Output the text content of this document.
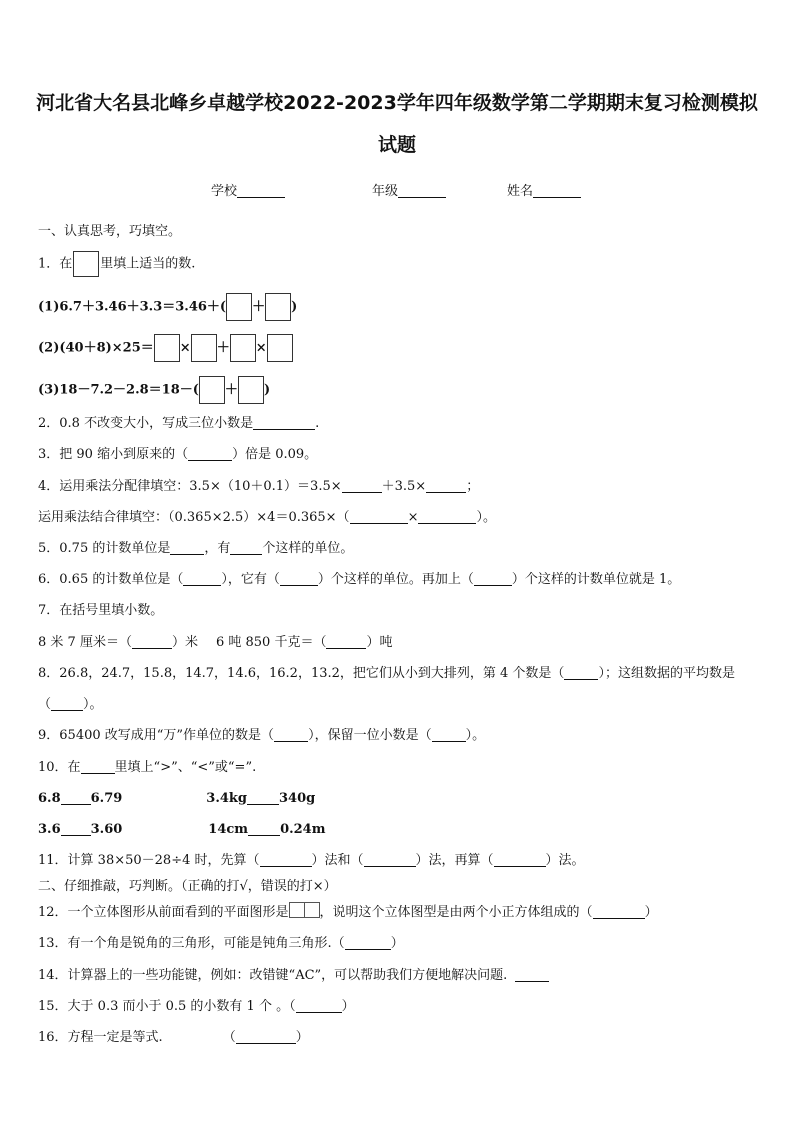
河北省大名县北峰乡卓越学校2022-2023学年四年级数学第二学期期末复习检测模拟
试题
学校	年级	姓名
一、认真思考，巧填空。
1．在 里填上适当的数.
(1)6.7＋3.46＋3.3＝3.46＋( ＋ )
(2)(40＋8)×25＝ × ＋ ×
(3)18－7.2－2.8＝18－( ＋ )
2．0.8 不改变大小，写成三位小数是	.
3．把 90 缩小到原来的（	）倍是 0.09。
4．运用乘法分配律填空：3.5×（10＋0.1）＝3.5×	＋3.5×	；
运用乘法结合律填空：（0.365×2.5）×4＝0.365×（	×	）。
5．0.75 的计数单位是	，有 个这样的单位。
6．0.65 的计数单位是（	），它有（	）个这样的单位。再加上（	）个这样的计数单位就是 1。
7．在括号里填小数。
8 米 7 厘米＝（	）米 6 吨 850 千克＝（	）吨
8．26.8，24.7，15.8，14.7，14.6，16.2，13.2，把它们从小到大排列，第 4 个数是（	）；这组数据的平均数是
（ ）。
9．65400 改写成用“万”作单位的数是（	），保留一位小数是（	）。
10．在	里填上“>”、“<”或“=”.
6.8 6.79	3.4kg 340g
3.6 3.60	14cm 0.24m
11．计算 38×50－28÷4 时，先算（	）法和（	）法，再算（	）法。
二、仔细推敲，巧判断。（正确的打√，错误的打×）
12．一个立体图形从前面看到的平面图形是 ，说明这个立体图型是由两个小正方体组成的（	）
13．有一个角是锐角的三角形，可能是钝角三角形.（	）
14．计算器上的一些功能键，例如：改错键“AC”，可以帮助我们方便地解决问题.
15．大于 0.3 而小于 0.5 的小数有 1 个 。（	）
16．方程一定是等式.	（	）
